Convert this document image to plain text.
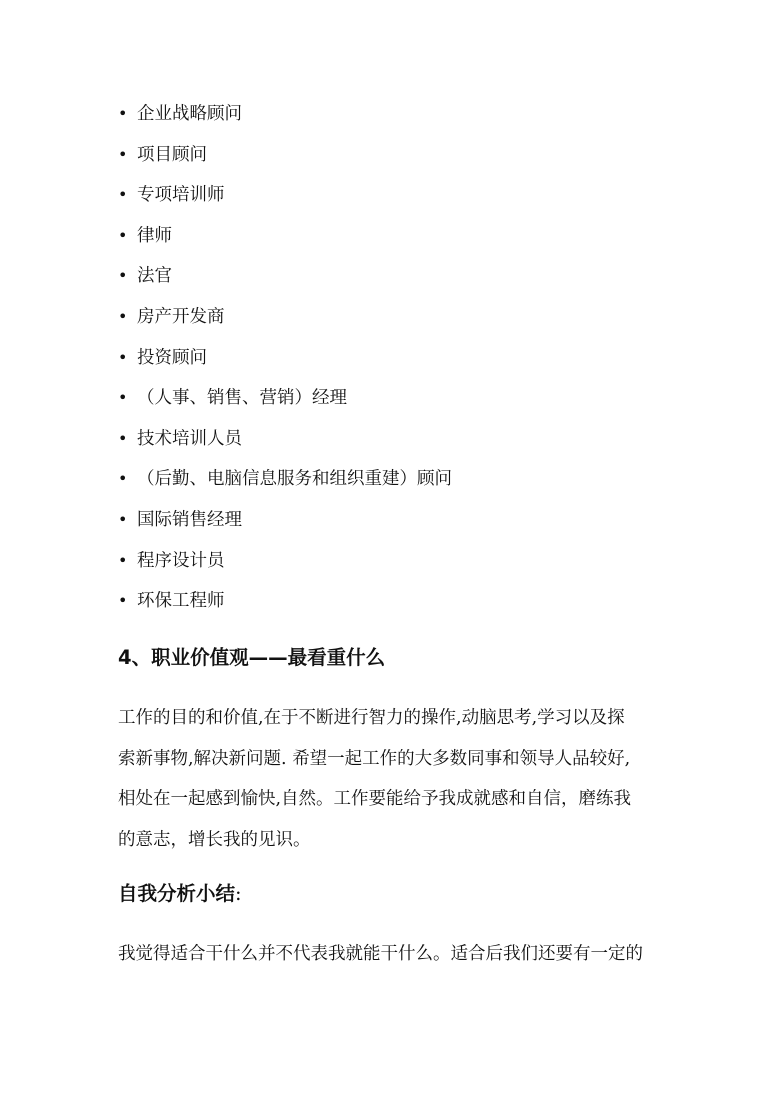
• 企业战略顾问
• 项目顾问
• 专项培训师
• 律师
• 法官
• 房产开发商
• 投资顾问
• （人事、销售、营销）经理
• 技术培训人员
• （后勤、电脑信息服务和组织重建）顾问
• 国际销售经理
• 程序设计员
• 环保工程师
4、职业价值观——最看重什么

工作的目的和价值,在于不断进行智力的操作,动脑思考,学习以及探
索新事物,解决新问题. 希望一起工作的大多数同事和领导人品较好,
相处在一起感到愉快,自然。工作要能给予我成就感和自信，磨练我
的意志，增长我的见识。

自我分析小结:

我觉得适合干什么并不代表我就能干什么。适合后我们还要有一定的
